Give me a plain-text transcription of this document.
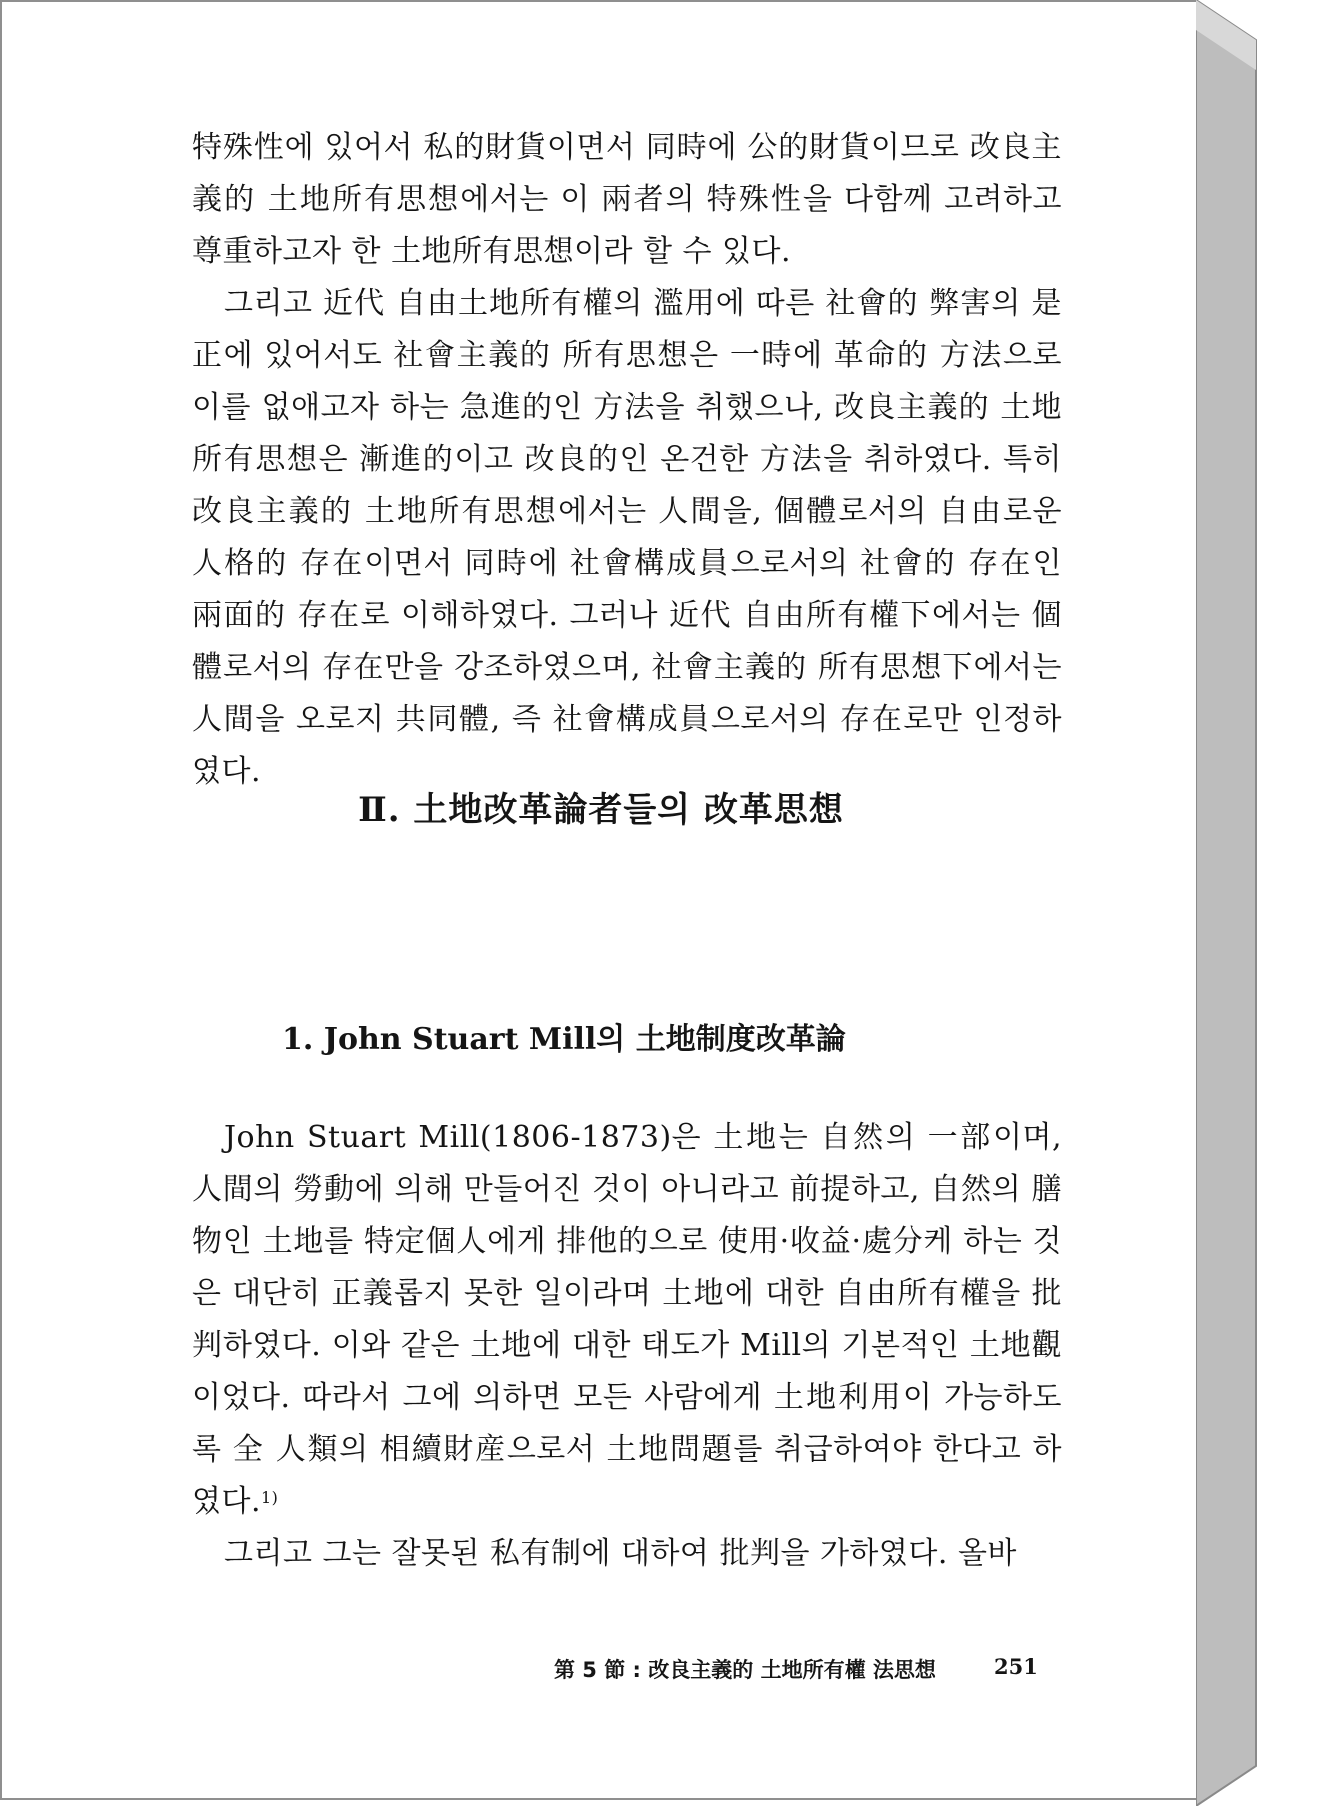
特殊性에 있어서 私的財貨이면서 同時에 公的財貨이므로 改良主義的 土地所有思想에서는 이 兩者의 特殊性을 다함께 고려하고 尊重하고자 한 土地所有思想이라 할 수 있다.

그리고 近代 自由土地所有權의 濫用에 따른 社會的 弊害의 是正에 있어서도 社會主義的 所有思想은 一時에 革命的 方法으로 이를 없애고자 하는 急進的인 方法을 취했으나, 改良主義的 土地所有思想은 漸進的이고 改良的인 온건한 方法을 취하였다. 특히 改良主義的 土地所有思想에서는 人間을, 個體로서의 自由로운 人格的 存在이면서 同時에 社會構成員으로서의 社會的 存在인 兩面的 存在로 이해하였다. 그러나 近代 自由所有權下에서는 個體로서의 存在만을 강조하였으며, 社會主義的 所有思想下에서는 人間을 오로지 共同體, 즉 社會構成員으로서의 存在로만 인정하였다.

Ⅱ. 土地改革論者들의 改革思想
1. John Stuart Mill의 土地制度改革論

John Stuart Mill(1806-1873)은 土地는 自然의 一部이며, 人間의 勞動에 의해 만들어진 것이 아니라고 前提하고, 自然의 膳物인 土地를 特定個人에게 排他的으로 使用·收益·處分케 하는 것은 대단히 正義롭지 못한 일이라며 土地에 대한 自由所有權을 批判하였다. 이와 같은 土地에 대한 태도가 Mill의 기본적인 土地觀이었다. 따라서 그에 의하면 모든 사람에게 土地利用이 가능하도록 全 人類의 相續財産으로서 土地問題를 취급하여야 한다고 하였다.$^{1)}$

그리고 그는 잘못된 私有制에 대하여 批判을 가하였다. 올바

第 5 節 : 改良主義的 土地所有權 法思想	251
